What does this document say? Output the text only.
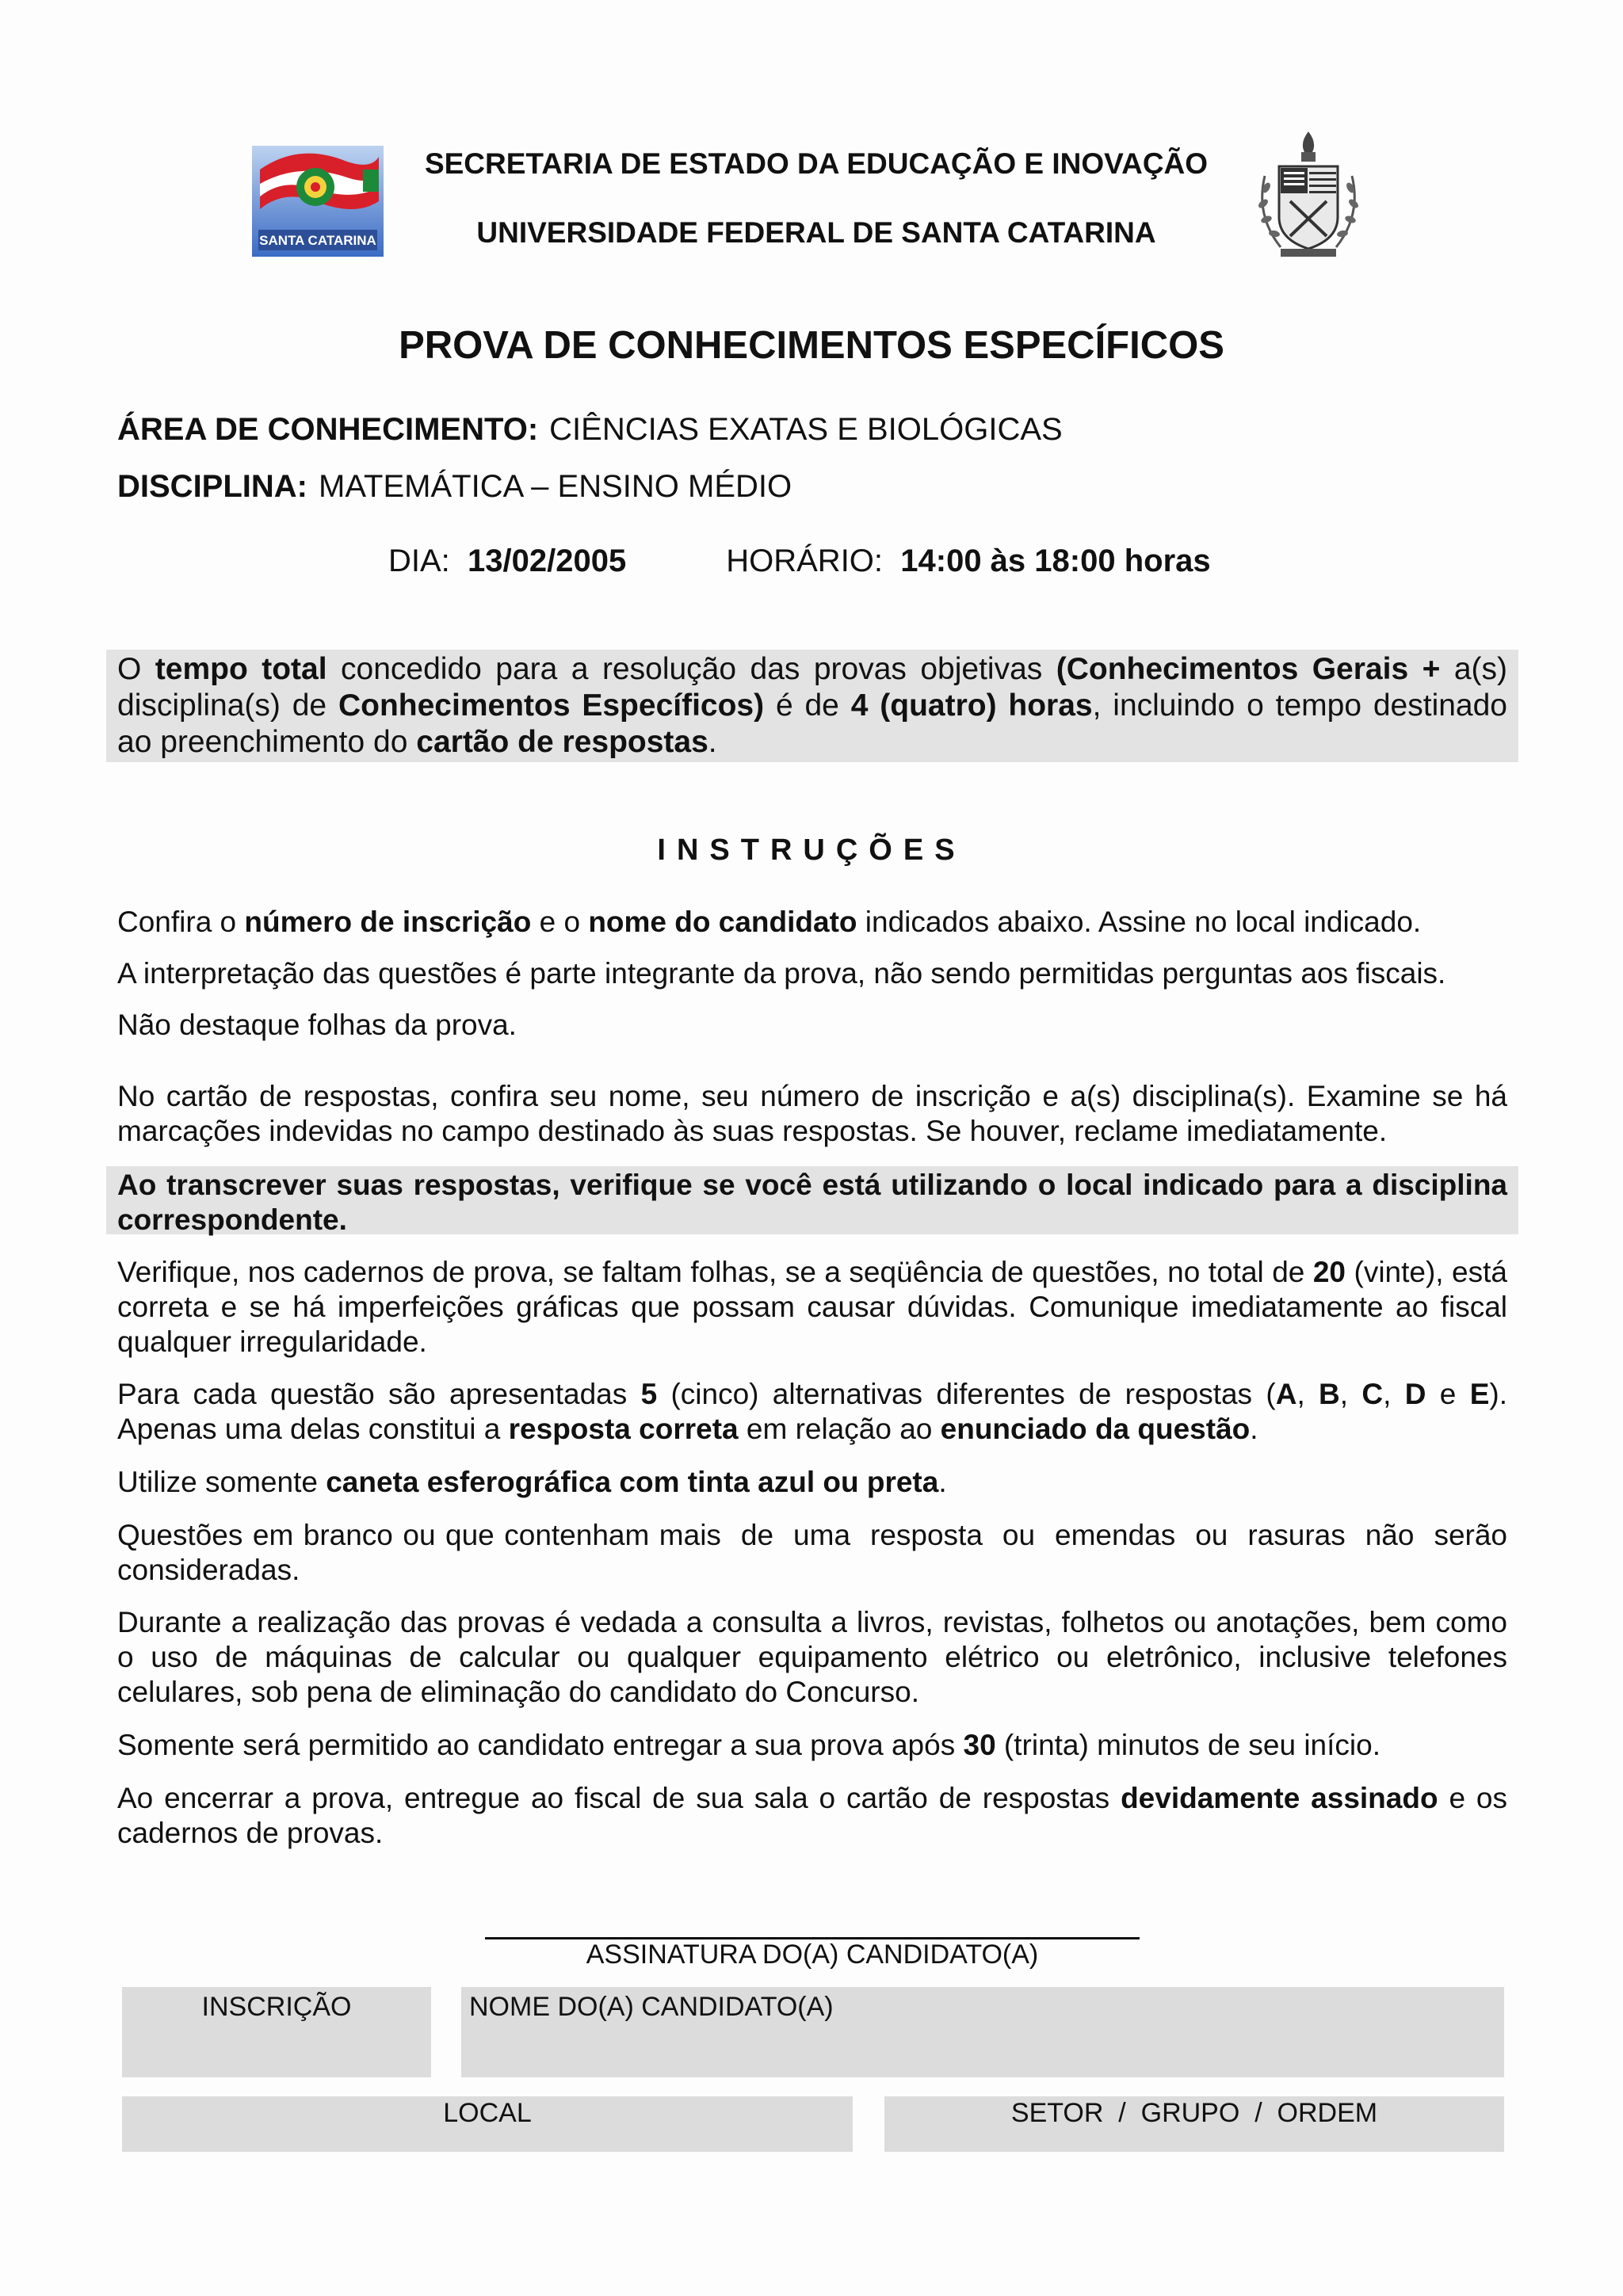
SANTA CATARINA
SECRETARIA DE ESTADO DA EDUCAÇÃO E INOVAÇÃO
UNIVERSIDADE FEDERAL DE SANTA CATARINA
PROVA DE CONHECIMENTOS ESPECÍFICOS
ÁREA DE CONHECIMENTO: CIÊNCIAS EXATAS E BIOLÓGICAS
DISCIPLINA: MATEMÁTICA – ENSINO MÉDIO
DIA: 13/02/2005	HORÁRIO: 14:00 às 18:00 horas
O tempo total concedido para a resolução das provas objetivas (Conhecimentos Gerais + a(s) disciplina(s) de Conhecimentos Específicos) é de 4 (quatro) horas, incluindo o tempo destinado ao preenchimento do cartão de respostas.
INSTRUÇÕES
Confira o número de inscrição e o nome do candidato indicados abaixo. Assine no local indicado.
A interpretação das questões é parte integrante da prova, não sendo permitidas perguntas aos fiscais.
Não destaque folhas da prova.
No cartão de respostas, confira seu nome, seu número de inscrição e a(s) disciplina(s). Examine se há marcações indevidas no campo destinado às suas respostas. Se houver, reclame imediatamente.
Ao transcrever suas respostas, verifique se você está utilizando o local indicado para a disciplina correspondente.
Verifique, nos cadernos de prova, se faltam folhas, se a seqüência de questões, no total de 20 (vinte), está correta e se há imperfeições gráficas que possam causar dúvidas. Comunique imediatamente ao fiscal qualquer irregularidade.
Para cada questão são apresentadas 5 (cinco) alternativas diferentes de respostas (A, B, C, D e E). Apenas uma delas constitui a resposta correta em relação ao enunciado da questão.
Utilize somente caneta esferográfica com tinta azul ou preta.
Questões em branco ou que contenham mais  de  uma  resposta  ou  emendas  ou  rasuras  não  serão consideradas.
Durante a realização das provas é vedada a consulta a livros, revistas, folhetos ou anotações, bem como o uso de máquinas de calcular ou qualquer equipamento elétrico ou eletrônico, inclusive telefones celulares, sob pena de eliminação do candidato do Concurso.
Somente será permitido ao candidato entregar a sua prova após 30 (trinta) minutos de seu início.
Ao encerrar a prova, entregue ao fiscal de sua sala o cartão de respostas devidamente assinado e os cadernos de provas.
ASSINATURA DO(A) CANDIDATO(A)
INSCRIÇÃO	NOME DO(A) CANDIDATO(A)
LOCAL	SETOR  /  GRUPO  /  ORDEM
